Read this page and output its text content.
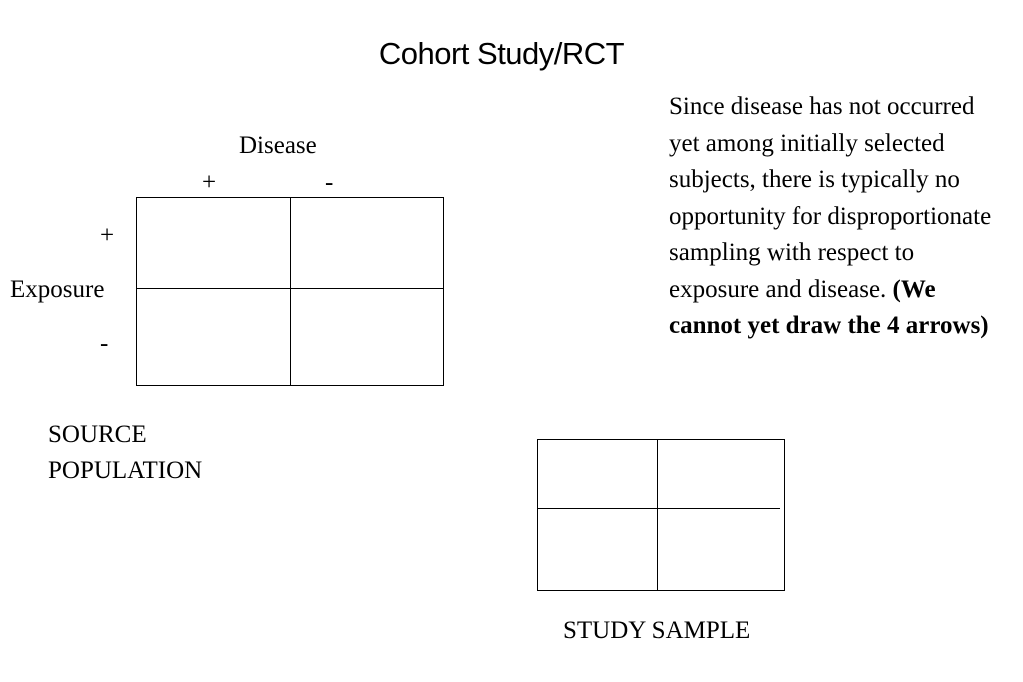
Cohort Study/RCT
Disease
+	-
+
Exposure
-
SOURCE
POPULATION
Since disease has not occurred yet among initially selected subjects, there is typically no opportunity for disproportionate sampling with respect to exposure and disease. (We cannot yet draw the 4 arrows)
STUDY SAMPLE
